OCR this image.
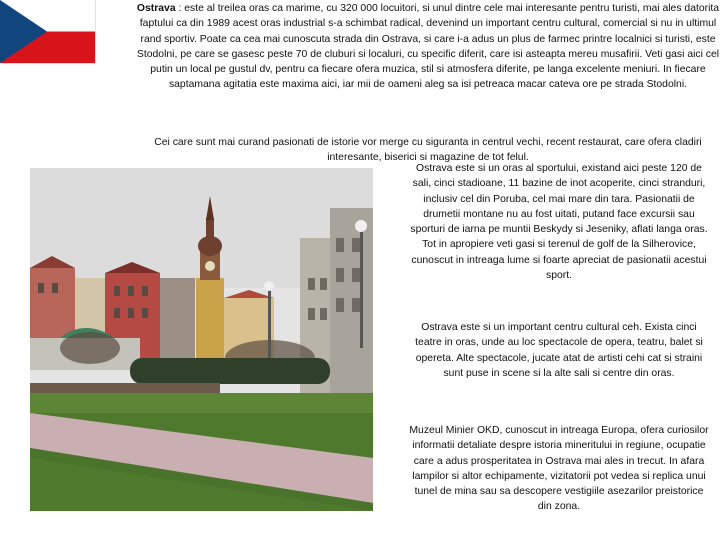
Ostrava : este al treilea oras ca marime, cu 320 000 locuitori, si unul dintre cele mai interesante pentru turisti, mai ales datorita faptului ca din 1989 acest oras industrial s-a schimbat radical, devenind un important centru cultural, comercial si nu in ultimul rand sportiv. Poate ca cea mai cunoscuta strada din Ostrava, si care i-a adus un plus de farmec printre localnici si turisti, este Stodolni, pe care se gasesc peste 70 de cluburi si localuri, cu specific diferit, care isi asteapta mereu musafirii. Veti gasi aici cel putin un local pe gustul dv, pentru ca fiecare ofera muzica, stil si atmosfera diferite, pe langa excelente meniuri. In fiecare saptamana agitatia este maxima aici, iar mii de oameni aleg sa isi petreaca macar cateva ore pe strada Stodolni.

Cei care sunt mai curand pasionati de istorie vor merge cu siguranta in centrul vechi, recent restaurat, care ofera cladiri interesante, biserici si magazine de tot felul.

Ostrava este si un oras al sportului, existand aici peste 120 de sali, cinci stadioane, 11 bazine de inot acoperite, cinci stranduri, inclusiv cel din Poruba, cel mai mare din tara. Pasionatii de drumetii montane nu au fost uitati, putand face excursii sau sporturi de iarna pe muntii Beskydy si Jeseniky, aflati langa oras. Tot in apropiere veti gasi si terenul de golf de la Silherovice, cunoscut in intreaga lume si foarte apreciat de pasionatii acestui sport.

Ostrava este si un important centru cultural ceh. Exista cinci teatre in oras, unde au loc spectacole de opera, teatru, balet si opereta. Alte spectacole, jucate atat de artisti cehi cat si straini sunt puse in scene si la alte sali si centre din oras.

Muzeul Minier OKD, cunoscut in intreaga Europa, ofera curiosilor informatii detaliate despre istoria mineritului in regiune, ocupatie care a adus prosperitatea in Ostrava mai ales in trecut. In afara lampilor si altor echipamente, vizitatorii pot vedea si replica unui tunel de mina sau sa descopere vestigiile asezarilor preistorice din zona.
